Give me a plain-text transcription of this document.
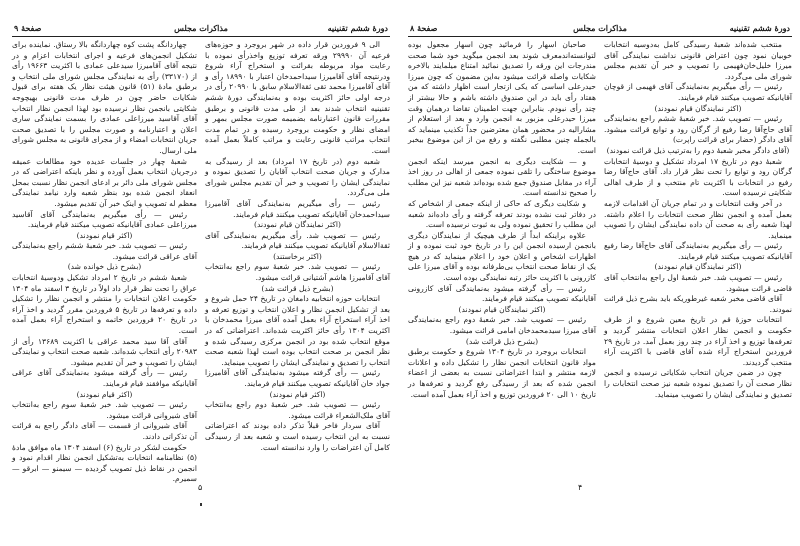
صفحهٔ ۹	مذاکرات مجلس	دورهٔ ششم تقنینیه

الی ۹ فروردین قرار داده در شهر بروجرد و حوزه‌های فرعیه آن ۲۹۹۹۰ ورقه تعرفه توزیع واخذرأی نموده با رعایت مواد مربوطه بقرائت و استخراج آراء شروع ودرنتیجه آقای آقامیرزا سیداحمدخان اعتبار با ۱۸۹۹۰ رأی و آقای آقامیرزا محمد تقی ثقة‌الاسلام سابق با ۲۰۹۹۰ رأی در درجه اولی حائز اکثریت بوده و به‌نمایندگی دورهٔ ششم تقنینیه انتخاب شدند بعد از طی مدت قانونی و برطبق مقررات قانون اعتبارنامه بضمیمه صورت مجلس بمهر و امضای نظار و حکومت بروجرد رسیده و در تمام مدت انتخاب مراتب قانونی رعایت و مراتب کاملاً بعمل آمده است.

شعبه دوم (در تاریخ ۱۷ امرداد) بعد از رسیدگی به مدارک و جریان صحت انتخاب آقایان را تصدیق نموده و نمایندگی ایشان را تصویب و خبر آن تقدیم مجلس شورای ملی می‌گردد.

رئیس — رأی میگیریم به‌نمایندگی آقای آقامیرزا سیداحمدخان آقایانیکه تصویب میکنند قیام فرمایند.

(اکثر نمایندگان قیام نمودند)

رئیس — تصویب شد. رأی میگیریم به‌نمایندگی آقای ثقة‌الاسلام آقایانیکه تصویب میکنند قیام فرمایند.

(اکثر برخاستند)

رئیس — تصویب شد. خبر شعبهٔ سوم راجع به‌انتخاب آقای آقامیرزا هاشم آشتیانی قرائت میشود.

(بشرح ذیل قرائت شد)

انتخابات حوزه انتخابیه دامغان در تاریخ ۲۴ حمل شروع و بعد از تشکیل انجمن نظار و اعلان انتخاب و توزیع تعرفه و اخذ آراء استخراج آراء بعمل آمده آقای میرزا محمدخان با اکثریت ۱۳۰۴ رأی حائز اکثریت شده‌اند. اعتراضاتی که در موقع انتخاب شده بود در انجمن مرکزی رسیدگی شده و نظر انجمن بر صحت انتخاب بوده است لهذا شعبه صحت انتخاب را تصدیق و نمایندگی ایشان را تصویب مینماید.

رئیس — رأی گرفته میشود به‌نمایندگی آقای آقامیرزا جواد خان آقایانیکه تصویب میکنند قیام فرمایند.

(اکثر قیام نمودند)

رئیس — تصویب شد. خبر شعبهٔ دوم راجع به‌انتخاب آقای ملک‌الشعراء قرائت میشود.

آقای سردار فاخر قبلاً تذکر داده بودند که اعتراضاتی نسبت به این انتخاب رسیده است و شعبه بعد از رسیدگی کامل آن اعتراضات را وارد ندانسته است.

چهاردانگه پشت کوه چهاردانگه بالا رستاق. نماینده برای تشکیل انجمن‌های فرعیه و اجرای انتخابات اعزام و در نتیجه آقای آقامیرزا سیدعلی عمادی با اکثریت ۱۹۶۶۳ رأی از (۳۳۱۷۰) رأی به نمایندگی مجلس شورای ملی انتخاب و برطبق مادهٔ (۵۱) قانون هیئت نظار یک هفته برای قبول شکایات حاضر چون در ظرف مدت قانونی بهیچوجه شکایتی بانجمن نظار نرسیده بود لهذا انجمن نظار انتخاب آقای آقاسید میرزاعلی عمادی را بسمت نمایندگی ساری اعلان و اعتبارنامه و صورت مجلس را با تصدیق صحت جریان انتخابات امضاء و از مجرای قانونی به مجلس شورای ملی ارسال.

شعبهٔ چهار در جلسات عدیده خود مطالعات عمیقه درجریان انتخاب بعمل آورده و نظر باینکه اعتراضی که در مجلس شورای ملی دائر بر ادعای انجمن نظار نسبت بمحل انعقاد انجمن شده بود بنظر شعبه وارد نیامد نمایندگی معظم له تصویب و اینک خبر آن تقدیم میشود.

رئیس — رأی میگیریم به‌نمایندگی آقای آقاسید میرزاعلی عمادی آقایانیکه تصویب میکنند قیام فرمایند.

(اکثر قیام نمودند)

رئیس — تصویب شد. خبر شعبهٔ ششم راجع به‌نمایندگی آقای عراقی قرائت میشود.

(بشرح ذیل خوانده شد)

شعبهٔ ششم در تاریخ ۲ امرداد تشکیل ودوسیهٔ انتخابات عراق را تحت نظر قرار داد اولاً در تاریخ ۳ اسفند ماه ۱۳۰۴ حکومت اعلان انتخابات را منتشر و انجمن نظار را تشکیل داده و تعرفه‌ها در تاریخ ۵ فروردین مقرر گردید و اخذ آراء در تاریخ ۲۰ فروردین خاتمه و استخراج آراء بعمل آمده است.

آقای آقا سید محمد عراقی با اکثریت ۱۳۶۸۹ رأی از ۲۰۹۸۳ رأی انتخاب شده‌اند. شعبه صحت انتخاب و نمایندگی ایشان را تصویب و خبر آن تقدیم میشود.

رئیس — رأی گرفته میشود به‌نمایندگی آقای عراقی آقایانیکه موافقند قیام فرمایند.

(اکثر قیام نمودند)

رئیس — تصویب شد. خبر شعبهٔ سوم راجع به‌انتخاب آقای شیروانی قرائت میشود.

آقای شیروانی از قسمت — آقای دادگر راجع به قرائت آن تذکراتی دادند.

حکومت لشکر در تاریخ (۶) اسفند ۱۳۰۴ ماه موافق مادهٔ (۵) نظامنامه انتخابات به‌تشکیل انجمن نظار اقدام نمود و انجمن در نقاط ذیل تصویب گردیده — سیمنو — ابرقو — سمیرم.

۵
صفحهٔ ۸	مذاکرات مجلس	دورهٔ ششم تقنینیه

منتخب شده‌اند شعبهٔ رسیدگی کامل به‌دوسیه انتخابات خوبیان نمود چون اعتراض قانونی نداشت نمایندگی آقای میرزا خلیل‌خان‌فهیمی را تصویب و خبر آن تقدیم مجلس شورای ملی می‌گردد.

رئیس — رأی میگیریم به‌نمایندگی آقای فهیمی از قوچان آقایانیکه تصویب میکنند قیام فرمایند.

(اکثر نمایندگان قیام نمودند)

رئیس — تصویب شد. خبر شعبهٔ ششم راجع به‌نمایندگی آقای حاج‌آقا رضا رفیع از گرگان رود و توابع قرائت میشود. آقای دادگر (حضار برای قرائت راپرت)

(آقای دادگر مخبر شعبهٔ دوم را به‌ترتیب ذیل قرائت نمودند)

شعبهٔ دوم در تاریخ ۱۷ امرداد تشکیل و دوسیهٔ انتخابات گرگان رود و توابع را تحت نظر قرار داد. آقای حاج‌آقا رضا رفیع در انتخابات با اکثریت تام منتخب و از طرف اهالی شکایتی نرسیده است.

در آخر وقت انتخابات و در تمام جریان آن اقدامات لازمه بعمل آمده و انجمن نظار صحت انتخابات را اعلام داشته. لهذا شعبه رأی به صحت آن داده نمایندگی ایشان را تصویب مینماید.

رئیس — رأی میگیریم به‌نمایندگی آقای حاج‌آقا رضا رفیع آقایانیکه تصویب میکنند قیام فرمایند.

(اکثر نمایندگان قیام نمودند)

رئیس — تصویب شد. خبر شعبهٔ اول راجع به‌انتخاب آقای قاضی قرائت میشود.

آقای قاضی مخبر شعبه غیرطوریکه باید بشرح ذیل قرائت نمودند.

انتخابات حوزهٔ قم در تاریخ معین شروع و از طرف حکومت و انجمن نظار اعلان انتخابات منتشر گردید و تعرفه‌ها توزیع و اخذ آراء در چند روز بعمل آمد. در تاریخ ۲۹ فروردین استخراج آراء شده آقای قاضی با اکثریت آراء منتخب گردیدند.

چون در ضمن جریان انتخاب شکایاتی نرسیده و انجمن نظار صحت آن را تصدیق نموده شعبه نیز صحت انتخابات را تصدیق و نمایندگی ایشان را تصویب مینماید.

صاحبان اسهار را فرمائید چون اسهار مجعول بوده لتوانسته‌اندمعرف شوند بعد انجمن میگوید خود شما صحت مندرجات این ورقه را تصدیق نمائید امتناع میلمایند بالاخره شکایات واصله قرائت میشود به‌این مضمون که چون میرزا حیدرعلی اساسی که یکی ازتجار است اظهار داشته که من هفتاد رأی باید در این صندوق داشته باشم و حالا بیشتر از چند رأی نبودم. بنابراین جهت اطمینان تقاضا درهمان وقت میرزا حیدرعلی مزبور به انجمن وارد و بعد از استعلام از مشارالیه در محضور همان معترضین جداً تکذیب مینماید که بالجمله چنین مطلبی نگفته و رفع من از این موضوع بیخبر است.

و — شکایت دیگری به انجمن میرسد اینکه انجمن موضوع ساختگی را تلقی نموده جمعی از اهالی در روز اخذ آراء در مقابل صندوق جمع شده بوده‌اند شعبه نیز این مطلب را صحیح ندانسته است.

و شکایت دیگری که حاکی از اینکه جمعی از اشخاص که در دفاتر ثبت نشده بودند تعرفه گرفته و رأی داده‌اند شعبه این مطلب را تحقیق نموده ولی به ثبوت نرسیده است.

علاوه براینکه ابداً از طرف هیچیک از نمایندگان دیگری بانجمن ارسیده انجمن این را در تاریخ خود ثبت نموده و از اظهارات اشخاص و اعلان خود را اعلام مینماید که در هیچ یک از نقاط صحت انتخاب بی‌طرفانه بوده و آقای میرزا علی کازرونی با اکثریت حائز رتبه نمایندگی بوده است.

رئیس — رأی گرفته میشود به‌نمایندگی آقای کازرونی آقایانیکه تصویب میکنند قیام فرمایند.

(اکثر نمایندگان قیام نمودند)

رئیس — تصویب شد. خبر شعبهٔ دوم راجع به‌نمایندگی آقای میرزا سیدمحمدخان امامی قرائت میشود.

(بشرح ذیل قرائت شد)

انتخابات بروجرد در تاریخ ۱۳۰۴ شروع و حکومت برطبق مواد قانون انتخابات انجمن نظار را تشکیل داده و اعلانات لازمه منتشر و ابتدا اعتراضاتی نسبت به بعضی از اعضاء انجمن شده که بعد از رسیدگی رفع گردید و تعرفه‌ها در تاریخ ۱۰ الی ۲۰ فروردین توزیع و اخذ آراء بعمل آمده است.

۴
